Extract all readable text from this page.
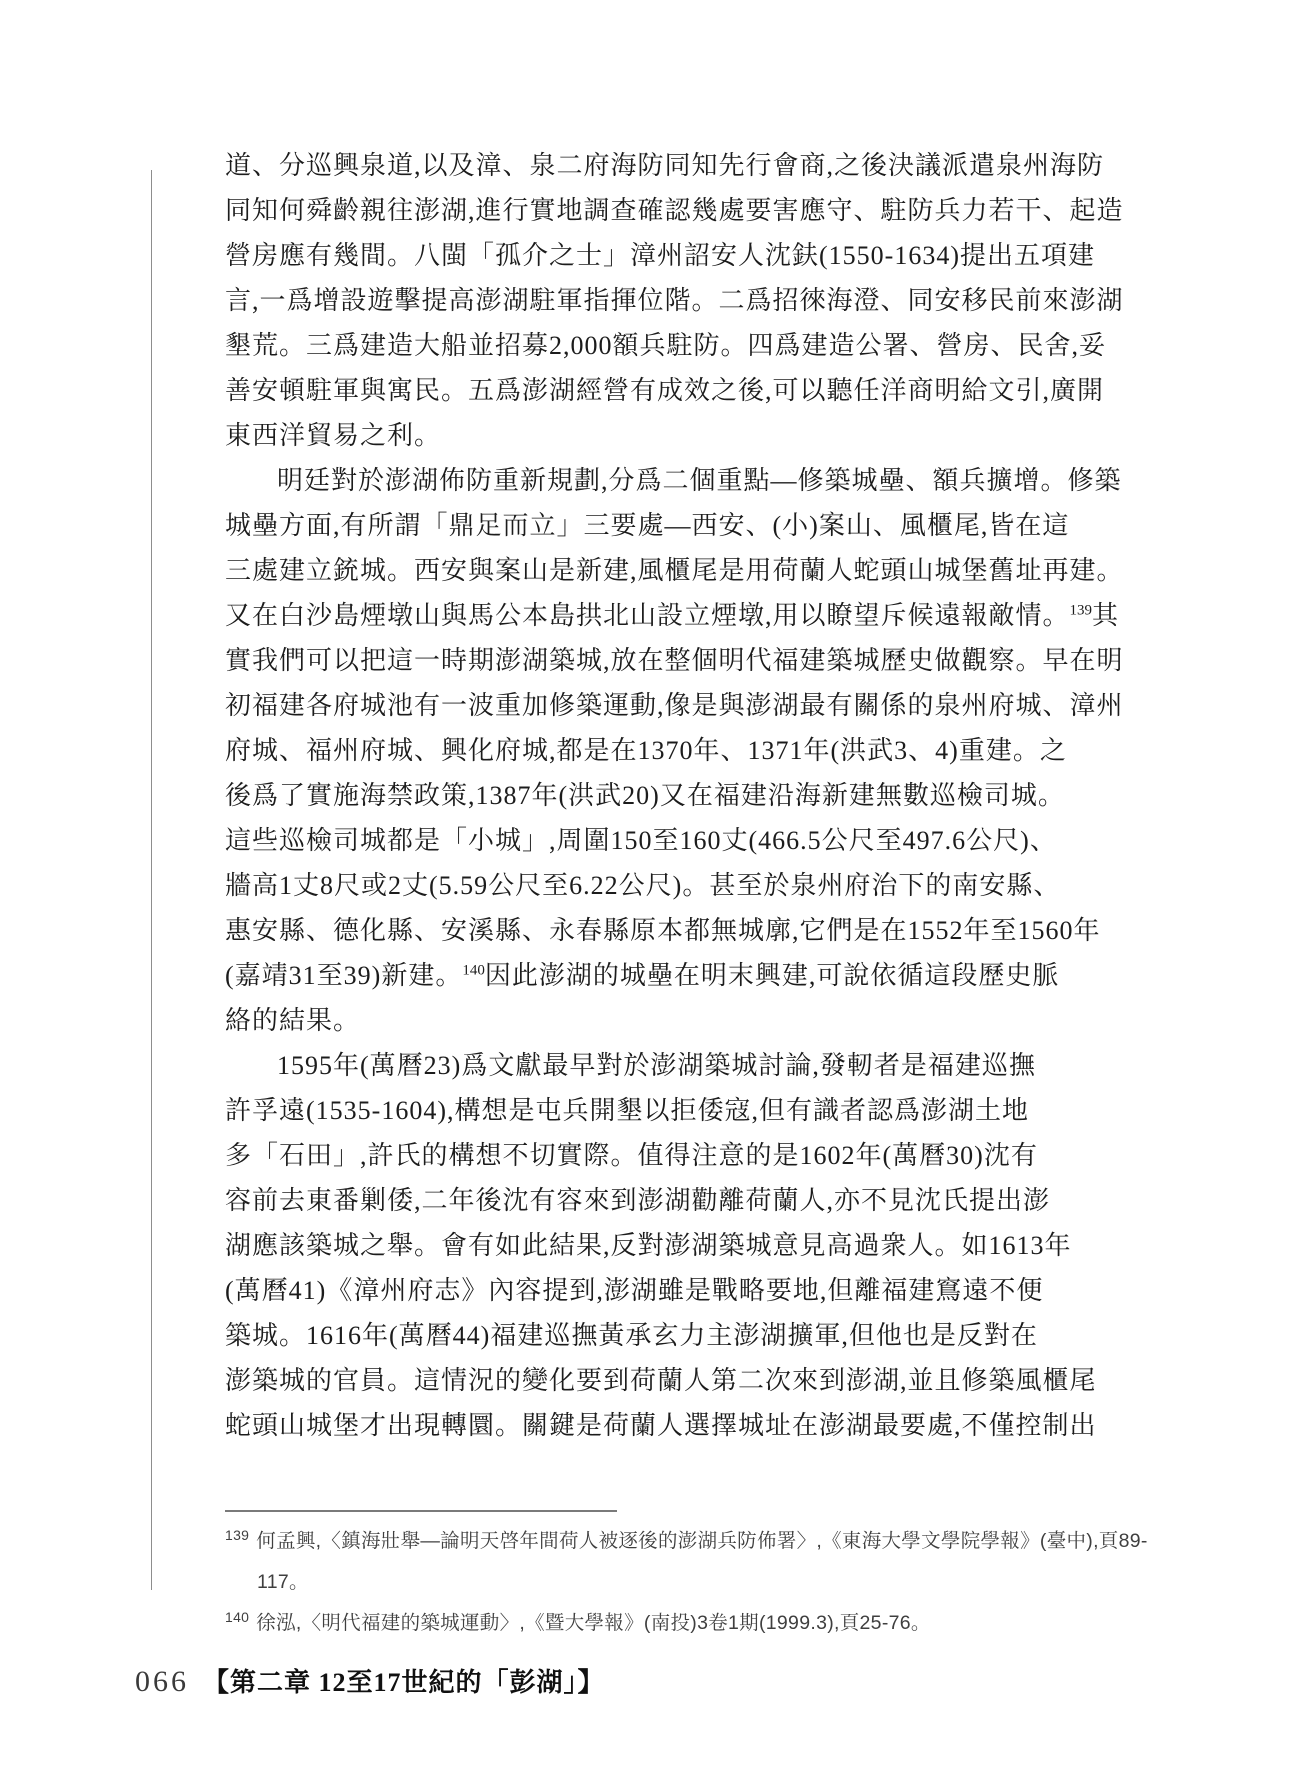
道、分巡興泉道,以及漳、泉二府海防同知先行會商,之後決議派遣泉州海防
同知何舜齡親往澎湖,進行實地調查確認幾處要害應守、駐防兵力若干、起造
營房應有幾間。八閩「孤介之士」漳州詔安人沈鈇(1550-1634)提出五項建
言,一爲增設遊擊提高澎湖駐軍指揮位階。二爲招徠海澄、同安移民前來澎湖
墾荒。三爲建造大船並招募2,000額兵駐防。四爲建造公署、營房、民舍,妥
善安頓駐軍與寓民。五爲澎湖經營有成效之後,可以聽任洋商明給文引,廣開
東西洋貿易之利。
明廷對於澎湖佈防重新規劃,分爲二個重點—修築城壘、額兵擴增。修築
城壘方面,有所謂「鼎足而立」三要處—西安、(小)案山、風櫃尾,皆在這
三處建立銃城。西安與案山是新建,風櫃尾是用荷蘭人蛇頭山城堡舊址再建。
又在白沙島煙墩山與馬公本島拱北山設立煙墩,用以瞭望斥候遠報敵情。$^{139}$其
實我們可以把這一時期澎湖築城,放在整個明代福建築城歷史做觀察。早在明
初福建各府城池有一波重加修築運動,像是與澎湖最有關係的泉州府城、漳州
府城、福州府城、興化府城,都是在1370年、1371年(洪武3、4)重建。之
後爲了實施海禁政策,1387年(洪武20)又在福建沿海新建無數巡檢司城。
這些巡檢司城都是「小城」,周圍150至160丈(466.5公尺至497.6公尺)、
牆高1丈8尺或2丈(5.59公尺至6.22公尺)。甚至於泉州府治下的南安縣、
惠安縣、德化縣、安溪縣、永春縣原本都無城廓,它們是在1552年至1560年
(嘉靖31至39)新建。$^{140}$因此澎湖的城壘在明末興建,可說依循這段歷史脈
絡的結果。
1595年(萬曆23)爲文獻最早對於澎湖築城討論,發軔者是福建巡撫
許孚遠(1535-1604),構想是屯兵開墾以拒倭寇,但有識者認爲澎湖土地
多「石田」,許氏的構想不切實際。值得注意的是1602年(萬曆30)沈有
容前去東番剿倭,二年後沈有容來到澎湖勸離荷蘭人,亦不見沈氏提出澎
湖應該築城之舉。會有如此結果,反對澎湖築城意見高過衆人。如1613年
(萬曆41)《漳州府志》內容提到,澎湖雖是戰略要地,但離福建窵遠不便
築城。1616年(萬曆44)福建巡撫黃承玄力主澎湖擴軍,但他也是反對在
澎築城的官員。這情況的變化要到荷蘭人第二次來到澎湖,並且修築風櫃尾
蛇頭山城堡才出現轉圜。關鍵是荷蘭人選擇城址在澎湖最要處,不僅控制出
$^{139}$ 何孟興,〈鎮海壯舉—論明天啓年間荷人被逐後的澎湖兵防佈署〉,《東海大學文學院學報》(臺中),頁89-
117。
$^{140}$ 徐泓,〈明代福建的築城運動〉,《暨大學報》(南投)3卷1期(1999.3),頁25-76。
066 【第二章 12至17世紀的「彭湖」】
